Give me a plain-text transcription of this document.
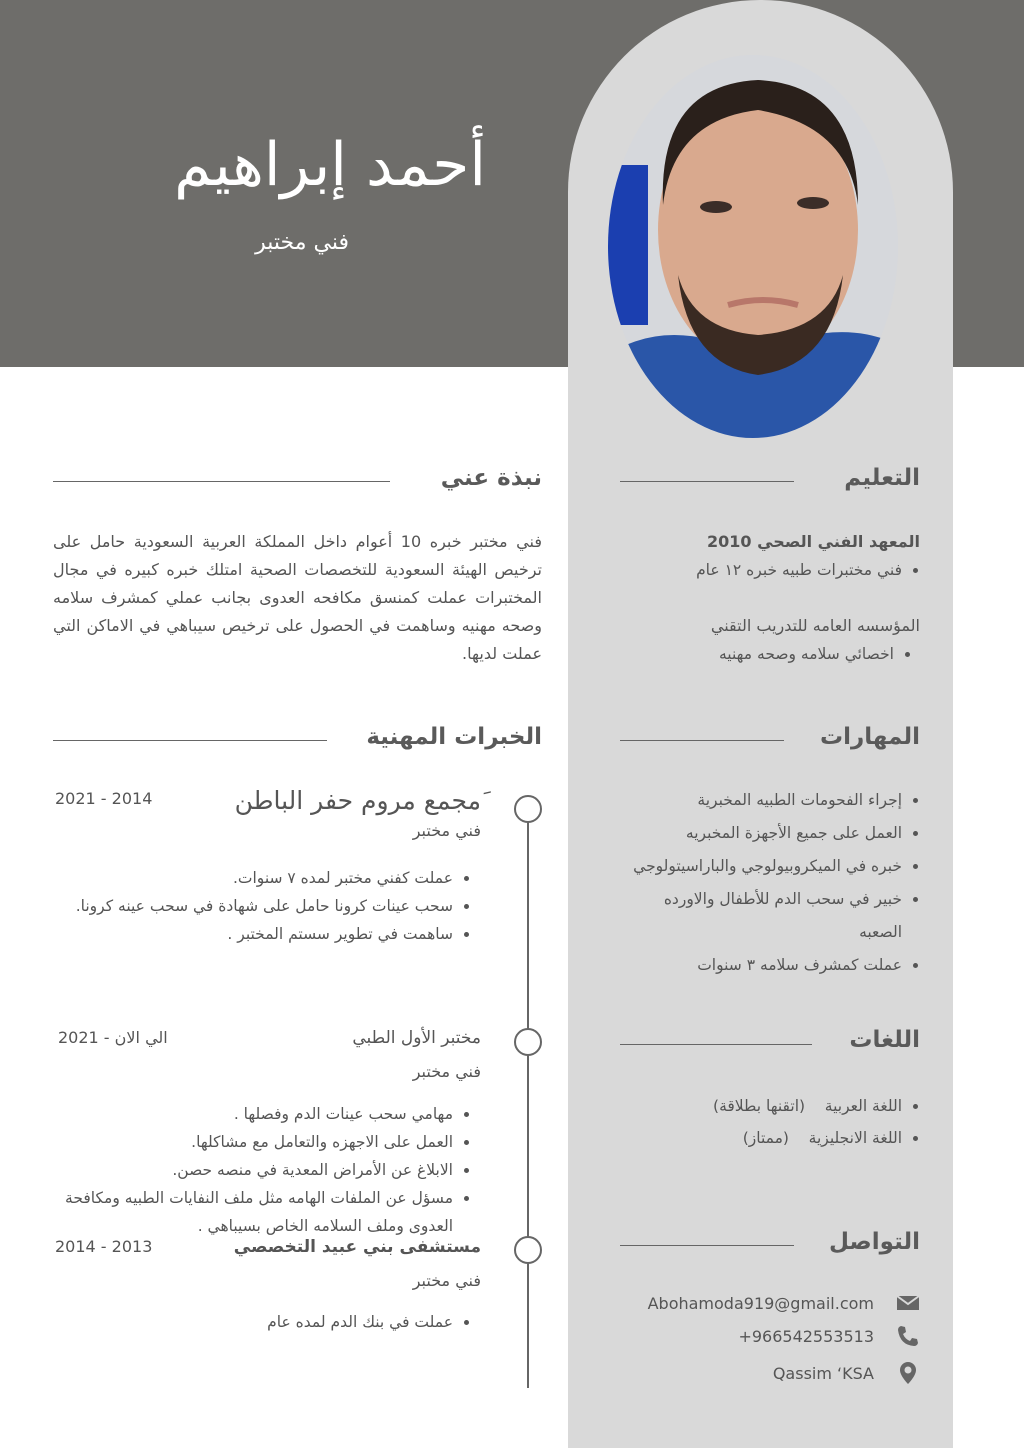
أحمد إبراهيم
فني مختبر
نبذة عني
فني مختبر خبره 10 أعوام داخل المملكة العربية السعودية حامل على ترخيص الهيئة السعودية للتخصصات الصحية امتلك خبره كبيره في مجال المختبرات عملت كمنسق مكافحه العدوى بجانب عملي كمشرف سلامه وصحه مهنيه وساهمت في الحصول على ترخيص سيباهي في الاماكن التي عملت لديها.
الخبرات المهنية
َمجمع مروم حفر الباطن
فني مختبر
2021 - 2014
• عملت كفني مختبر لمده ٧ سنوات.
• سحب عينات كرونا حامل على شهادة في سحب عينه كرونا.
• ساهمت في تطوير سستم المختبر .
مختبر الأول الطبي
فني مختبر
2021 - الي الان
• مهامي سحب عينات الدم وفصلها .
• العمل على الاجهزه والتعامل مع مشاكلها.
• الابلاغ عن الأمراض المعدية في منصه حصن.
• مسؤل عن الملفات الهامه مثل ملف النفايات الطبيه ومكافحة العدوى وملف السلامه الخاص بسيباهي .
مستشفى بني عبيد التخصصي
فني مختبر
2014 - 2013
• عملت في بنك الدم لمده عام
التعليم
المعهد الفني الصحي 2010
• فني مختبرات طبيه خبره ١٢ عام
المؤسسه العامه للتدريب التقني
• اخصائي سلامه وصحه مهنيه
المهارات
• إجراء الفحومات الطبيه المخبرية
• العمل على جميع الأجهزة المخبريه
• خبره في الميكروبيولوجي والباراسيتولوجي
• خبير في سحب الدم للأطفال والاورده الصعبه
• عملت كمشرف سلامه ٣ سنوات
اللغات
• اللغة العربية    (اتقنها بطلاقة)
• اللغة الانجليزية    (ممتاز)
التواصل
Abohamoda919@gmail.com
+966542553513
Qassim ‘KSA
